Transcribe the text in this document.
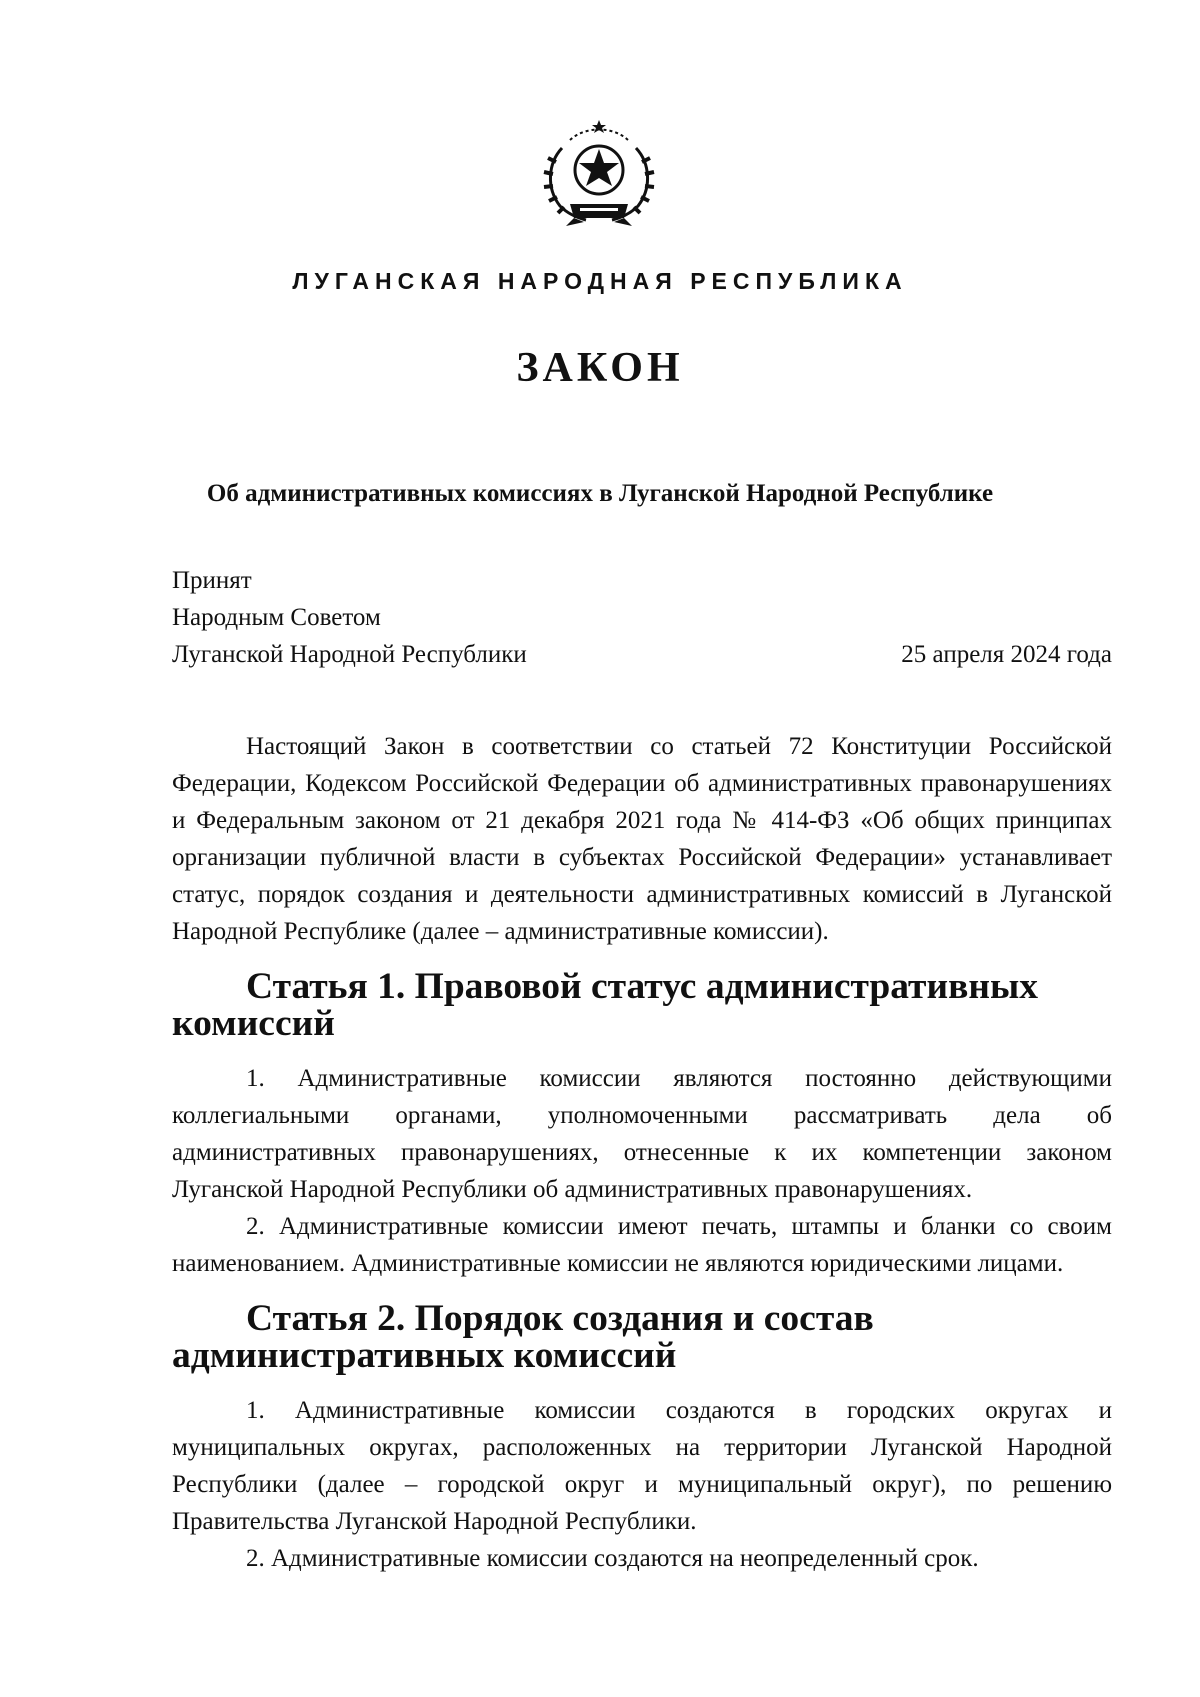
ЛУГАНСКАЯ НАРОДНАЯ РЕСПУБЛИКА
ЗАКОН
Об административных комиссиях в Луганской Народной Республике
Принят
Народным Советом
Луганской Народной Республики	25 апреля 2024 года

Настоящий Закон в соответствии со статьей 72 Конституции Российской Федерации, Кодексом Российской Федерации об административных правонарушениях и Федеральным законом от 21 декабря 2021 года № 414-ФЗ «Об общих принципах организации публичной власти в субъектах Российской Федерации» устанавливает статус, порядок создания и деятельности административных комиссий в Луганской Народной Республике (далее – административные комиссии).

Статья 1. Правовой статус административных комиссий

1. Административные комиссии являются постоянно действующими коллегиальными органами, уполномоченными рассматривать дела об административных правонарушениях, отнесенные к их компетенции законом Луганской Народной Республики об административных правонарушениях.

2. Административные комиссии имеют печать, штампы и бланки со своим наименованием. Административные комиссии не являются юридическими лицами.

Статья 2. Порядок создания и состав административных комиссий

1. Административные комиссии создаются в городских округах и муниципальных округах, расположенных на территории Луганской Народной Республики (далее – городской округ и муниципальный округ), по решению Правительства Луганской Народной Республики.

2. Административные комиссии создаются на неопределенный срок.
